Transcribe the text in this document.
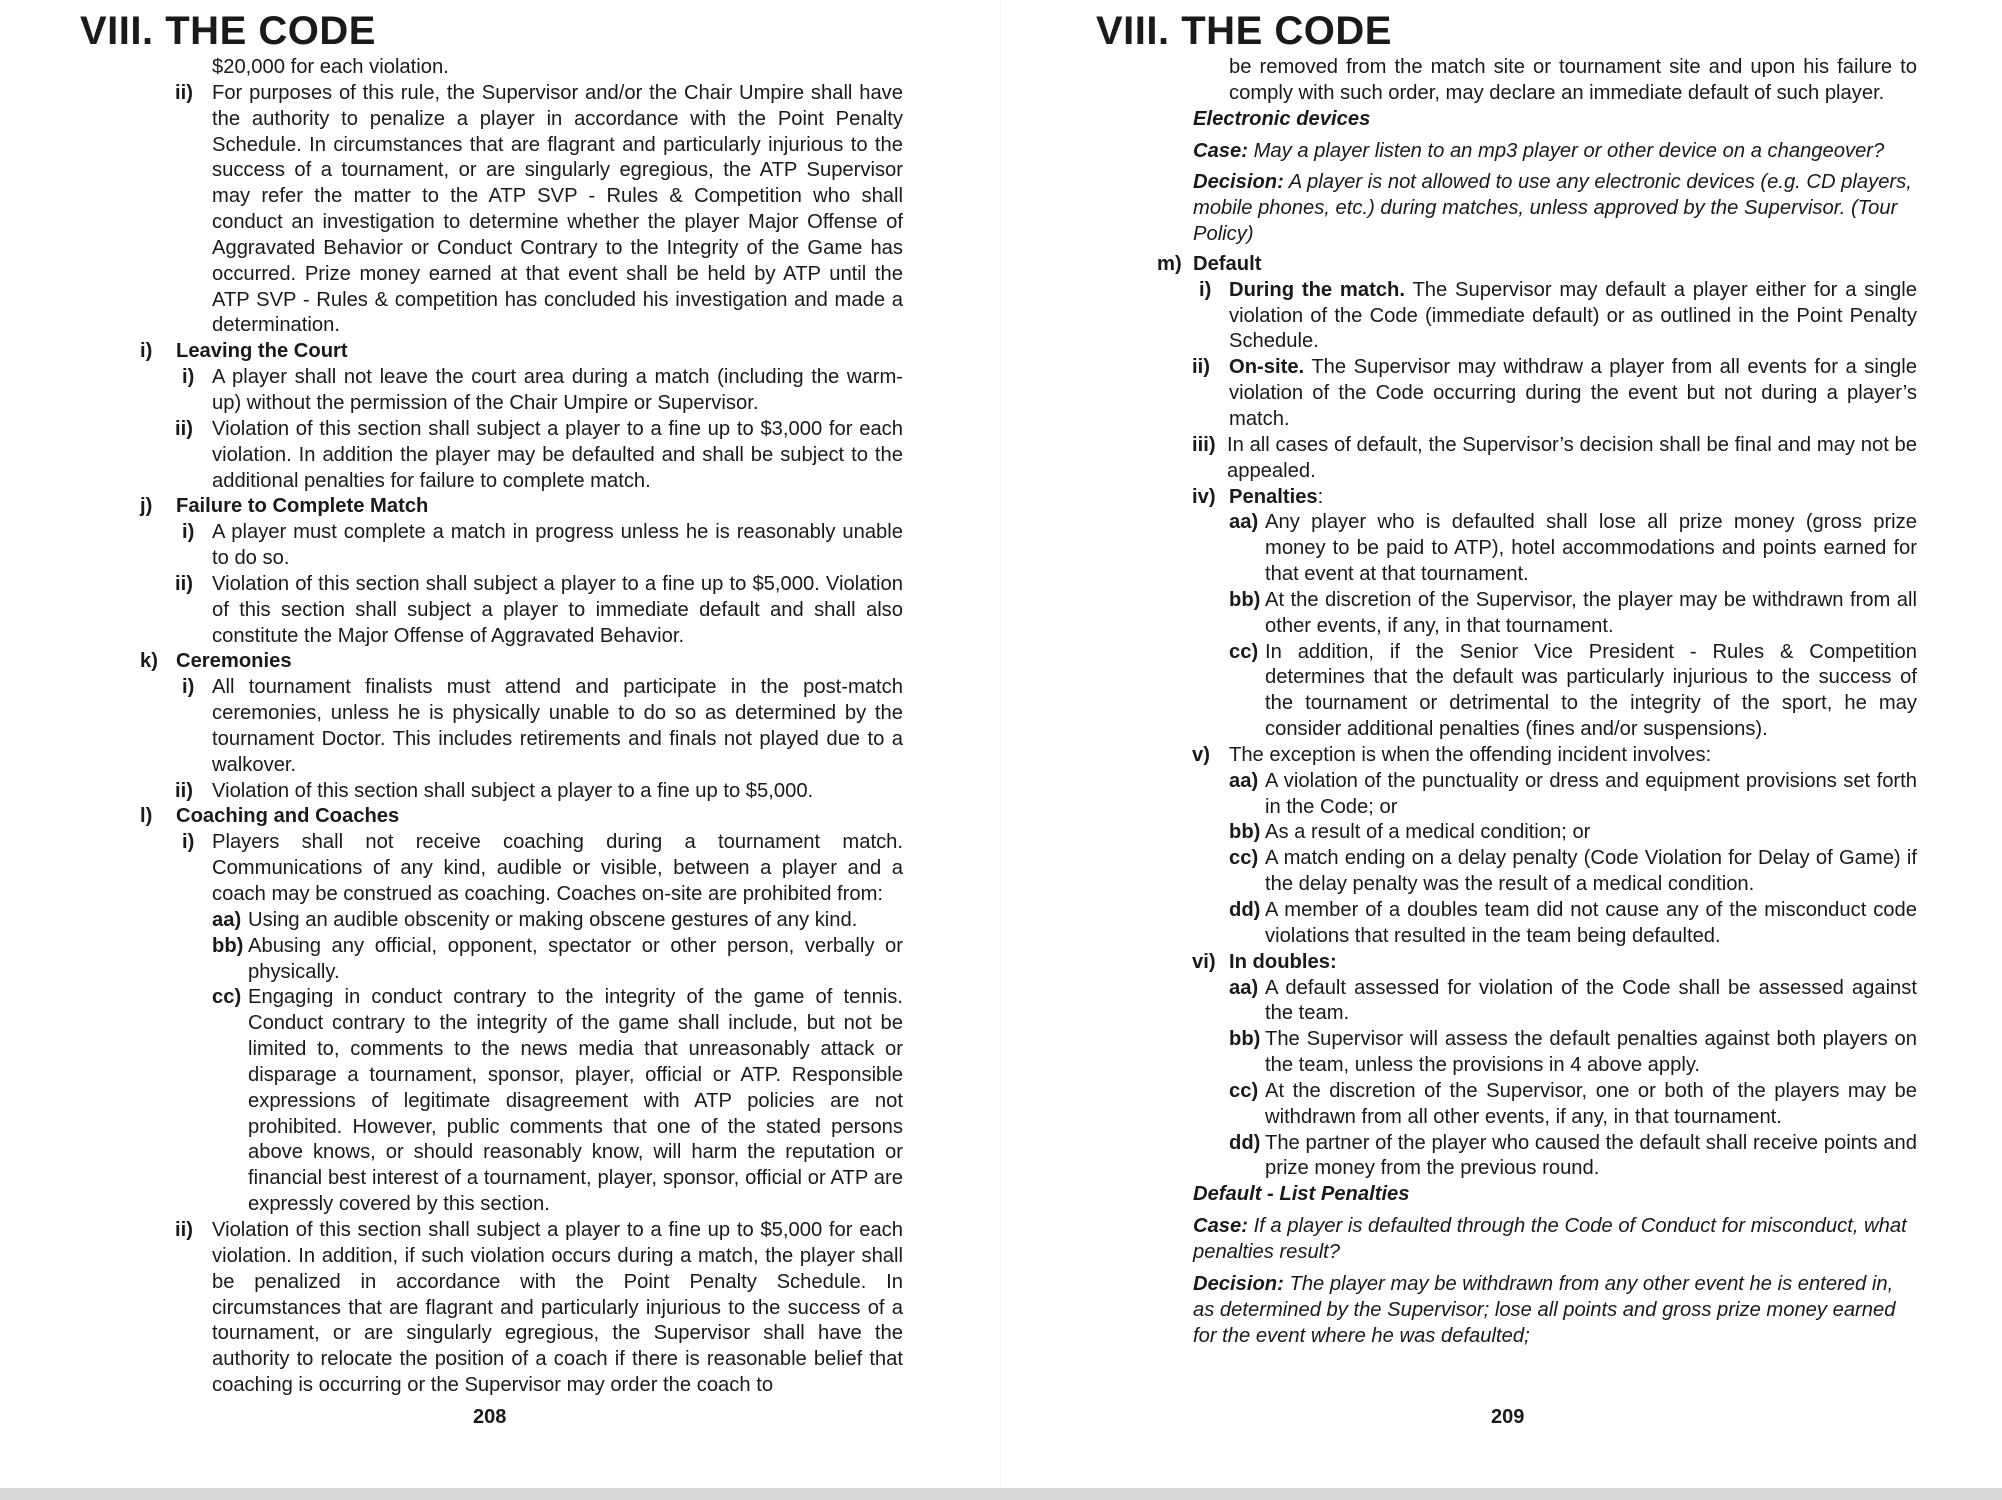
VIII. THE CODE
$20,000 for each violation.
ii) For purposes of this rule, the Supervisor and/or the Chair Umpire shall have the authority to penalize a player in accordance with the Point Penalty Schedule. In circumstances that are flagrant and particularly injurious to the success of a tournament, or are singularly egregious, the ATP Supervisor may refer the matter to the ATP SVP - Rules & Competition who shall conduct an investigation to determine whether the player Major Offense of Aggravated Behavior or Conduct Contrary to the Integrity of the Game has occurred. Prize money earned at that event shall be held by ATP until the ATP SVP - Rules & competition has concluded his investigation and made a determination.
i) Leaving the Court
i) A player shall not leave the court area during a match (including the warm-up) without the permission of the Chair Umpire or Supervisor.
ii) Violation of this section shall subject a player to a fine up to $3,000 for each violation. In addition the player may be defaulted and shall be subject to the additional penalties for failure to complete match.
j) Failure to Complete Match
i) A player must complete a match in progress unless he is reasonably unable to do so.
ii) Violation of this section shall subject a player to a fine up to $5,000. Violation of this section shall subject a player to immediate default and shall also constitute the Major Offense of Aggravated Behavior.
k) Ceremonies
i) All tournament finalists must attend and participate in the post-match ceremonies, unless he is physically unable to do so as determined by the tournament Doctor. This includes retirements and finals not played due to a walkover.
ii) Violation of this section shall subject a player to a fine up to $5,000.
l) Coaching and Coaches
i) Players shall not receive coaching during a tournament match. Communications of any kind, audible or visible, between a player and a coach may be construed as coaching. Coaches on-site are prohibited from:
aa) Using an audible obscenity or making obscene gestures of any kind.
bb) Abusing any official, opponent, spectator or other person, verbally or physically.
cc) Engaging in conduct contrary to the integrity of the game of tennis. Conduct contrary to the integrity of the game shall include, but not be limited to, comments to the news media that unreasonably attack or disparage a tournament, sponsor, player, official or ATP. Responsible expressions of legitimate disagreement with ATP policies are not prohibited. However, public comments that one of the stated persons above knows, or should reasonably know, will harm the reputation or financial best interest of a tournament, player, sponsor, official or ATP are expressly covered by this section.
ii) Violation of this section shall subject a player to a fine up to $5,000 for each violation. In addition, if such violation occurs during a match, the player shall be penalized in accordance with the Point Penalty Schedule. In circumstances that are flagrant and particularly injurious to the success of a tournament, or are singularly egregious, the Supervisor shall have the authority to relocate the position of a coach if there is reasonable belief that coaching is occurring or the Supervisor may order the coach to
208
VIII. THE CODE
be removed from the match site or tournament site and upon his failure to comply with such order, may declare an immediate default of such player.
Electronic devices
Case: May a player listen to an mp3 player or other device on a changeover?
Decision: A player is not allowed to use any electronic devices (e.g. CD players, mobile phones, etc.) during matches, unless approved by the Supervisor. (Tour Policy)
m) Default
i) During the match. The Supervisor may default a player either for a single violation of the Code (immediate default) or as outlined in the Point Penalty Schedule.
ii) On-site. The Supervisor may withdraw a player from all events for a single violation of the Code occurring during the event but not during a player’s match.
iii) In all cases of default, the Supervisor’s decision shall be final and may not be appealed.
iv) Penalties:
aa) Any player who is defaulted shall lose all prize money (gross prize money to be paid to ATP), hotel accommodations and points earned for that event at that tournament.
bb) At the discretion of the Supervisor, the player may be withdrawn from all other events, if any, in that tournament.
cc) In addition, if the Senior Vice President - Rules & Competition determines that the default was particularly injurious to the success of the tournament or detrimental to the integrity of the sport, he may consider additional penalties (fines and/or suspensions).
v) The exception is when the offending incident involves:
aa) A violation of the punctuality or dress and equipment provisions set forth in the Code; or
bb) As a result of a medical condition; or
cc) A match ending on a delay penalty (Code Violation for Delay of Game) if the delay penalty was the result of a medical condition.
dd) A member of a doubles team did not cause any of the misconduct code violations that resulted in the team being defaulted.
vi) In doubles:
aa) A default assessed for violation of the Code shall be assessed against the team.
bb) The Supervisor will assess the default penalties against both players on the team, unless the provisions in 4 above apply.
cc) At the discretion of the Supervisor, one or both of the players may be withdrawn from all other events, if any, in that tournament.
dd) The partner of the player who caused the default shall receive points and prize money from the previous round.
Default - List Penalties
Case: If a player is defaulted through the Code of Conduct for misconduct, what penalties result?
Decision: The player may be withdrawn from any other event he is entered in, as determined by the Supervisor; lose all points and gross prize money earned for the event where he was defaulted;
209
